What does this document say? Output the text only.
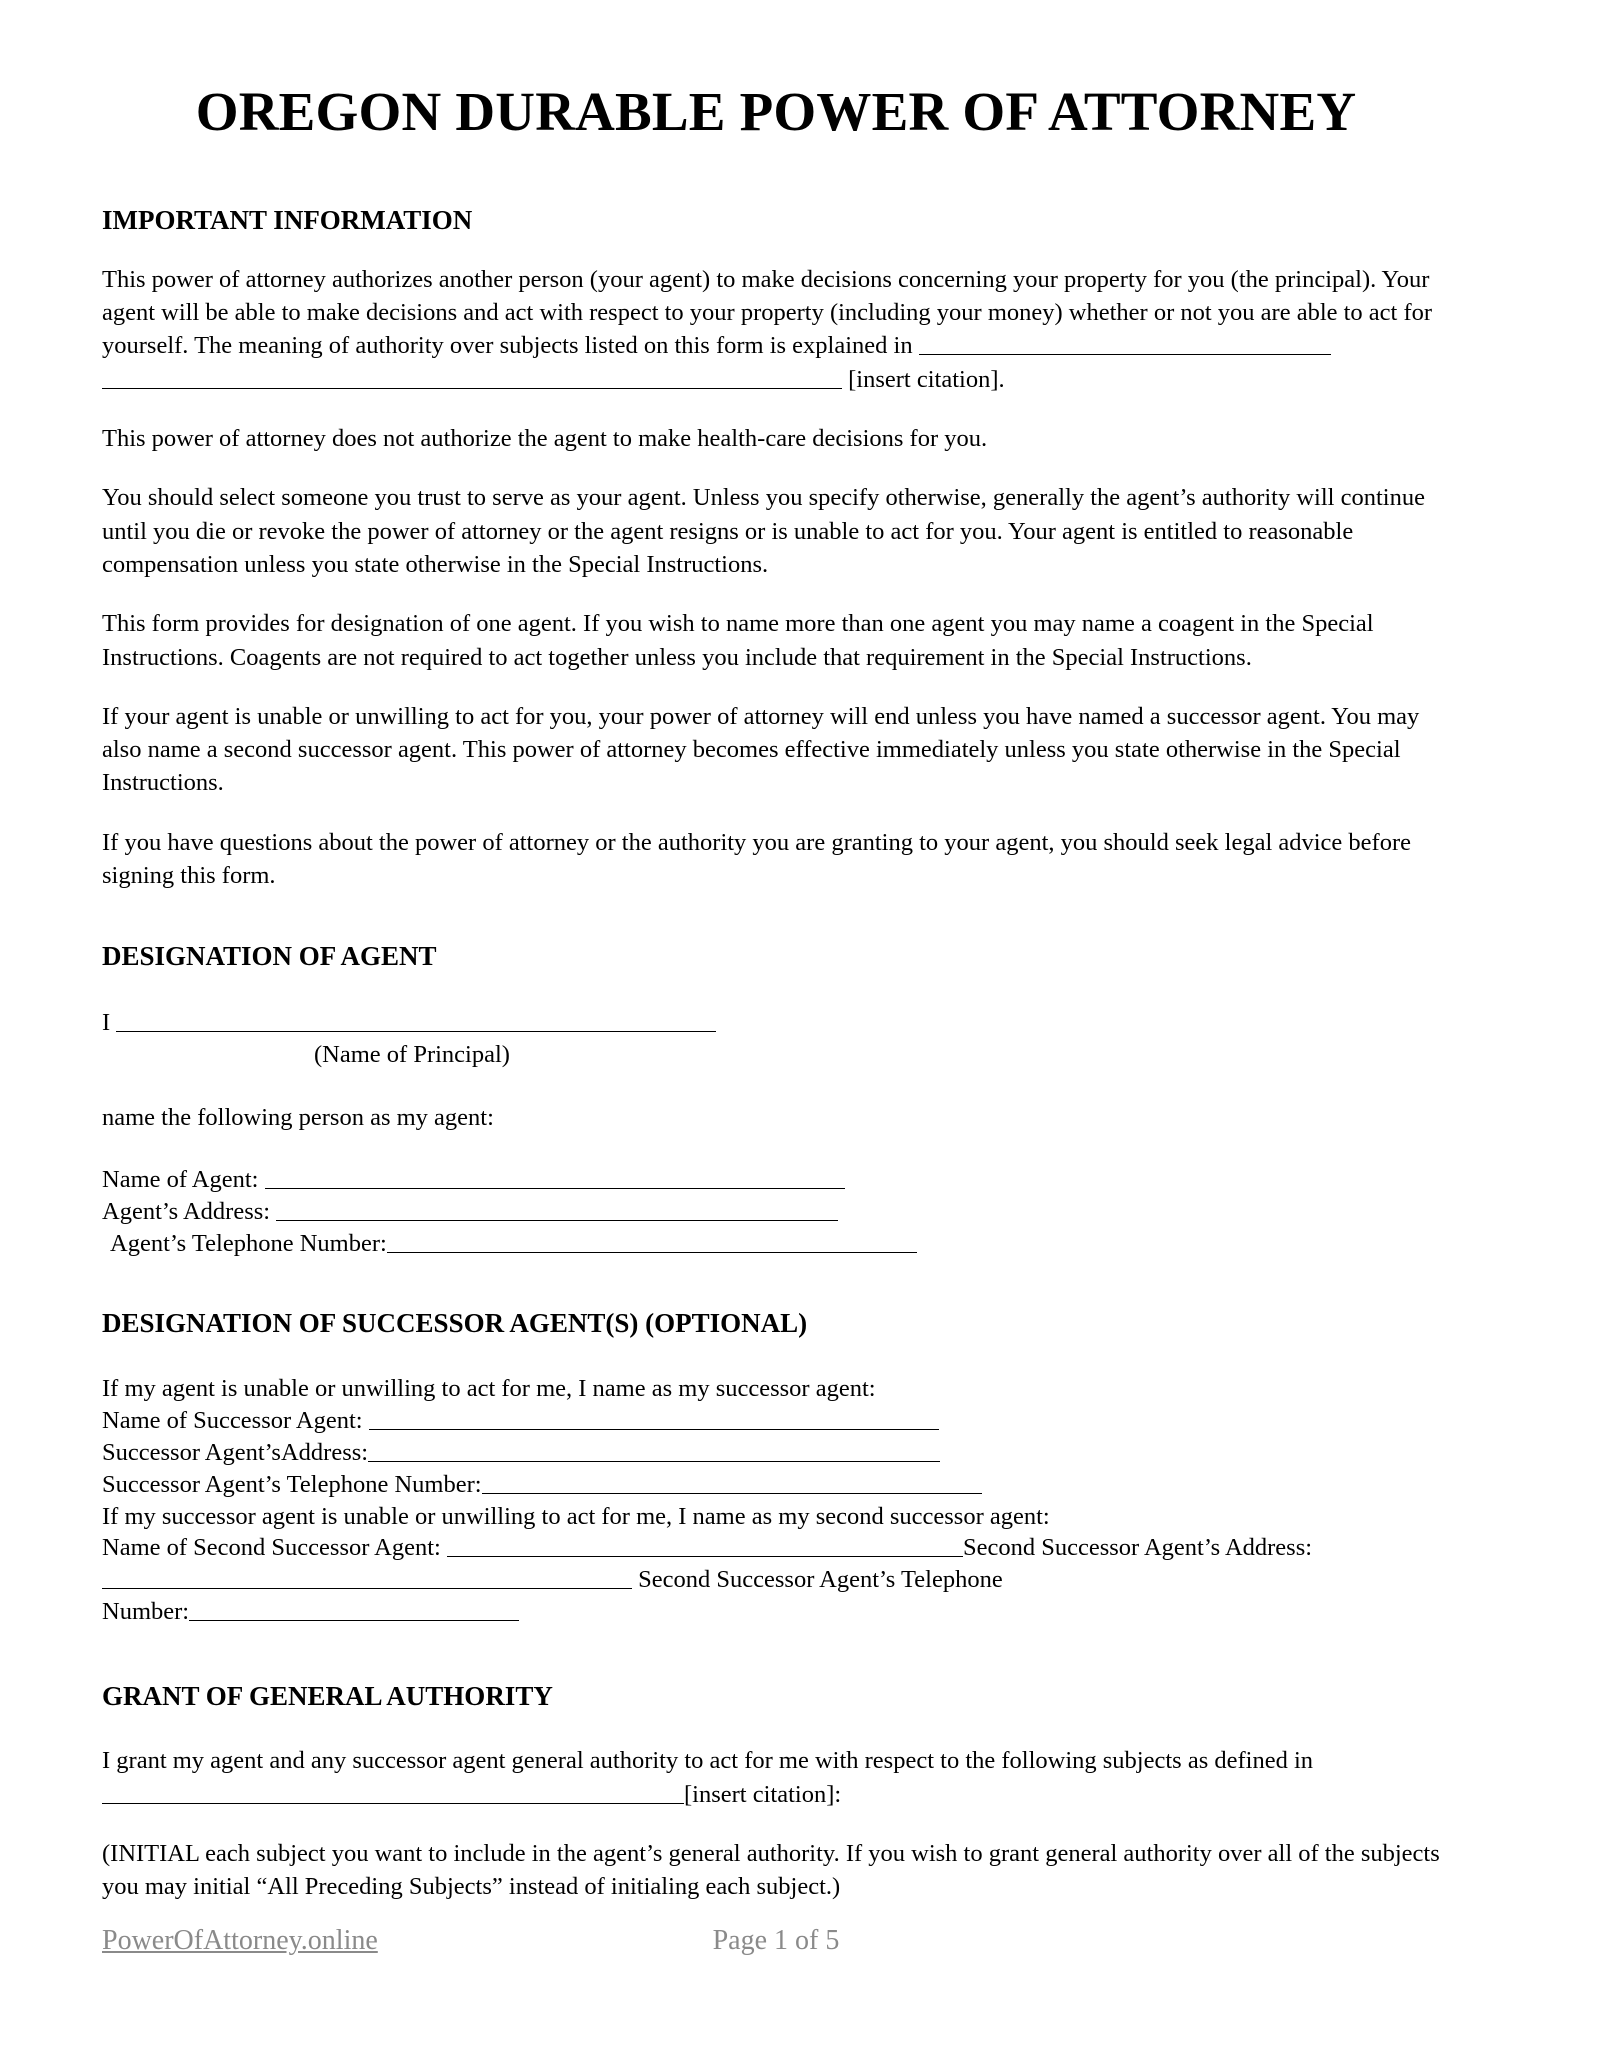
OREGON DURABLE POWER OF ATTORNEY
IMPORTANT INFORMATION

This power of attorney authorizes another person (your agent) to make decisions concerning your property for you (the principal). Your agent will be able to make decisions and act with respect to your property (including your money) whether or not you are able to act for yourself. The meaning of authority over subjects listed on this form is explained in
[insert citation].

This power of attorney does not authorize the agent to make health-care decisions for you.

You should select someone you trust to serve as your agent. Unless you specify otherwise, generally the agent’s authority will continue until you die or revoke the power of attorney or the agent resigns or is unable to act for you. Your agent is entitled to reasonable compensation unless you state otherwise in the Special Instructions.

This form provides for designation of one agent. If you wish to name more than one agent you may name a coagent in the Special Instructions. Coagents are not required to act together unless you include that requirement in the Special Instructions.

If your agent is unable or unwilling to act for you, your power of attorney will end unless you have named a successor agent. You may also name a second successor agent. This power of attorney becomes effective immediately unless you state otherwise in the Special Instructions.

If you have questions about the power of attorney or the authority you are granting to your agent, you should seek legal advice before signing this form.

DESIGNATION OF AGENT
I
(Name of Principal)

name the following person as my agent:

Name of Agent:
Agent’s Address:
Agent’s Telephone Number:
DESIGNATION OF SUCCESSOR AGENT(S) (OPTIONAL)

If my agent is unable or unwilling to act for me, I name as my successor agent:

Name of Successor Agent:
Successor Agent’sAddress:
Successor Agent’s Telephone Number:
If my successor agent is unable or unwilling to act for me, I name as my second successor agent:
Name of Second Successor Agent:	Second Successor Agent’s Address:
Second Successor Agent’s Telephone
Number:
GRANT OF GENERAL AUTHORITY

I grant my agent and any successor agent general authority to act for me with respect to the following subjects as defined in
[insert citation]:

(INITIAL each subject you want to include in the agent’s general authority. If you wish to grant general authority over all of the subjects you may initial “All Preceding Subjects” instead of initialing each subject.)

PowerOfAttorney.online	Page 1 of 5
